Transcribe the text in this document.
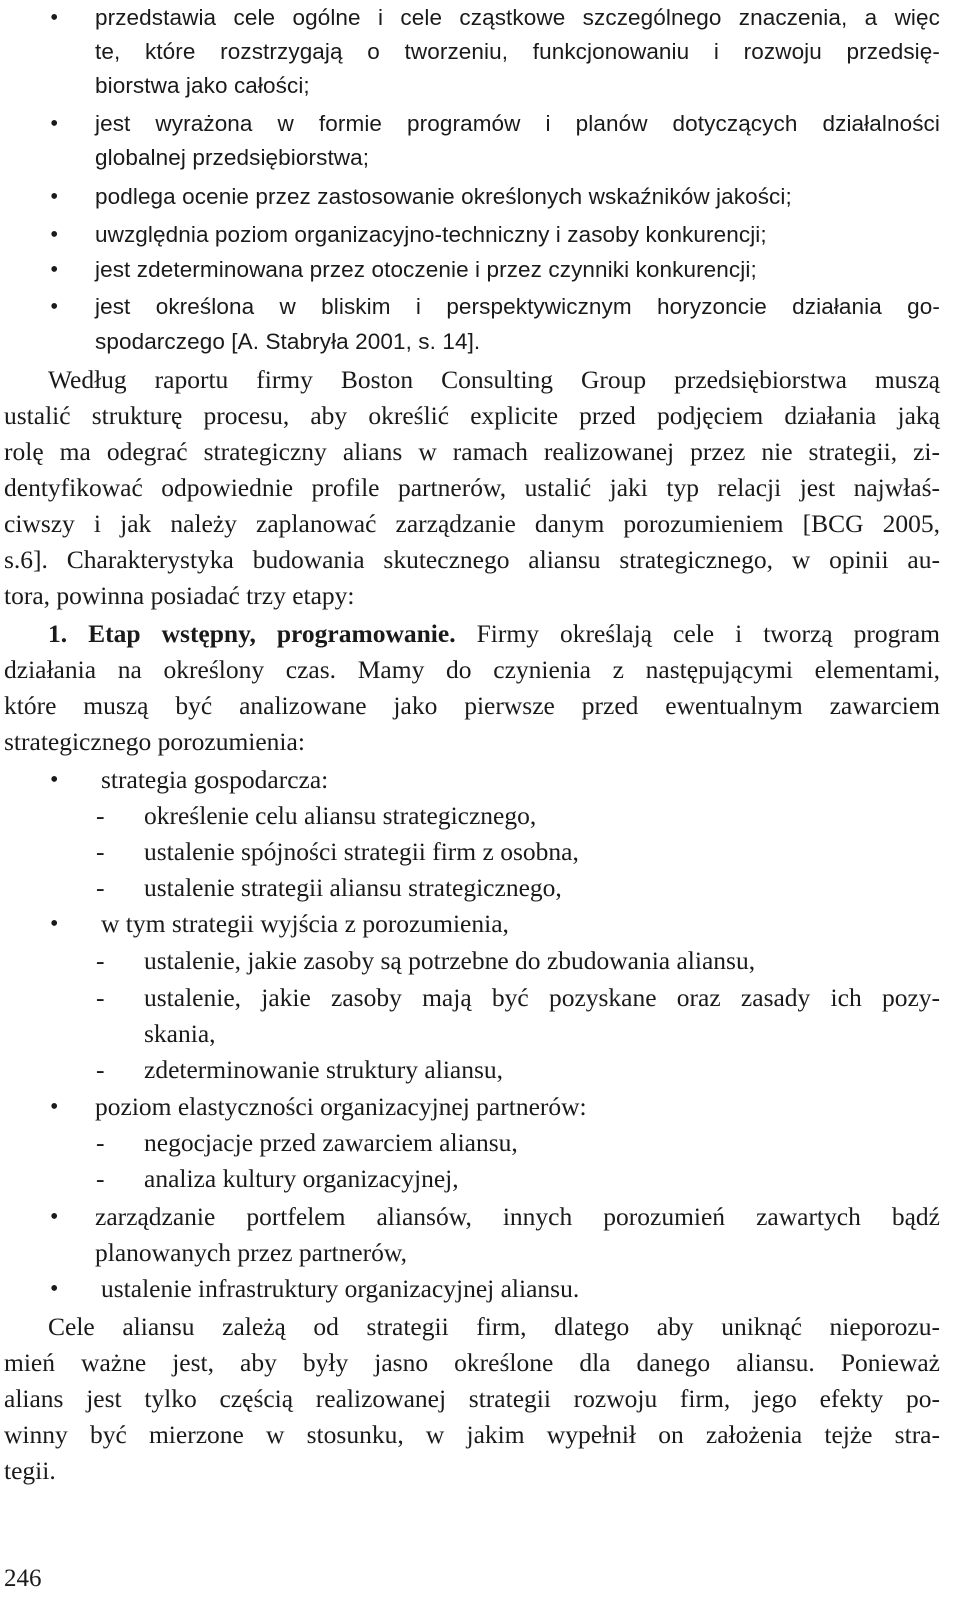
•	przedstawia cele ogólne i cele cząstkowe szczególnego znaczenia, a więc
te, które rozstrzygają o tworzeniu, funkcjonowaniu i rozwoju przedsię-
biorstwa jako całości;
•	jest wyrażona w formie programów i planów dotyczących działalności
globalnej przedsiębiorstwa;
•	podlega ocenie przez zastosowanie określonych wskaźników jakości;
•	uwzględnia poziom organizacyjno-techniczny i zasoby konkurencji;
•	jest zdeterminowana przez otoczenie i przez czynniki konkurencji;
•	jest określona w bliskim i perspektywicznym horyzoncie działania go-
spodarczego [A. Stabryła 2001, s. 14].
Według raportu firmy Boston Consulting Group przedsiębiorstwa muszą
ustalić strukturę procesu, aby określić explicite przed podjęciem działania jaką
rolę ma odegrać strategiczny alians w ramach realizowanej przez nie strategii, zi-
dentyfikować odpowiednie profile partnerów, ustalić jaki typ relacji jest najwłaś-
ciwszy i jak należy zaplanować zarządzanie danym porozumieniem [BCG 2005,
s.6]. Charakterystyka budowania skutecznego aliansu strategicznego, w opinii au-
tora, powinna posiadać trzy etapy:
1. Etap wstępny, programowanie. Firmy określają cele i tworzą program
działania na określony czas. Mamy do czynienia z następującymi elementami,
które muszą być analizowane jako pierwsze przed ewentualnym zawarciem
strategicznego porozumienia:
•	strategia gospodarcza:
-	określenie celu aliansu strategicznego,
-	ustalenie spójności strategii firm z osobna,
-	ustalenie strategii aliansu strategicznego,
•	w tym strategii wyjścia z porozumienia,
-	ustalenie, jakie zasoby są potrzebne do zbudowania aliansu,
-	ustalenie, jakie zasoby mają być pozyskane oraz zasady ich pozy-
skania,
-	zdeterminowanie struktury aliansu,
•	poziom elastyczności organizacyjnej partnerów:
-	negocjacje przed zawarciem aliansu,
-	analiza kultury organizacyjnej,
•	zarządzanie portfelem aliansów, innych porozumień zawartych bądź
planowanych przez partnerów,
•	ustalenie infrastruktury organizacyjnej aliansu.
Cele aliansu zależą od strategii firm, dlatego aby uniknąć nieporozu-
mień ważne jest, aby były jasno określone dla danego aliansu. Ponieważ
alians jest tylko częścią realizowanej strategii rozwoju firm, jego efekty po-
winny być mierzone w stosunku, w jakim wypełnił on założenia tejże stra-
tegii.
246
